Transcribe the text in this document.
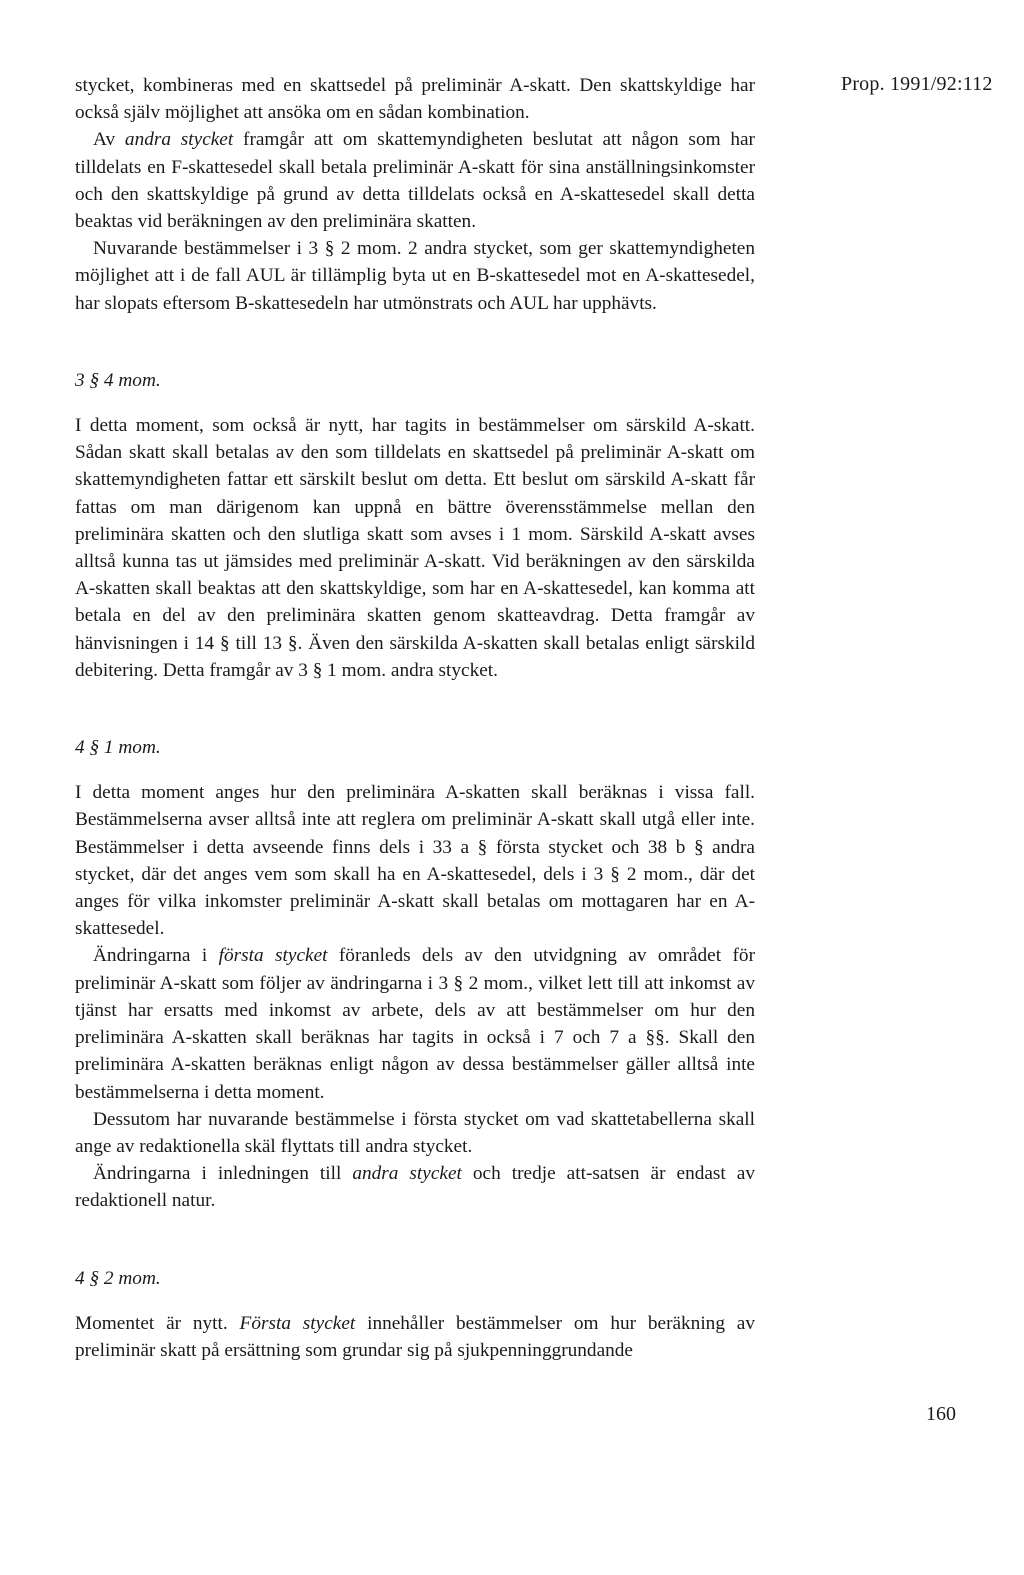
Prop. 1991/92:112

stycket, kombineras med en skattsedel på preliminär A-skatt. Den skattskyldige har också själv möjlighet att ansöka om en sådan kombination.

Av andra stycket framgår att om skattemyndigheten beslutat att någon som har tilldelats en F-skattesedel skall betala preliminär A-skatt för sina anställningsinkomster och den skattskyldige på grund av detta tilldelats också en A-skattesedel skall detta beaktas vid beräkningen av den preliminära skatten.

Nuvarande bestämmelser i 3 § 2 mom. 2 andra stycket, som ger skattemyndigheten möjlighet att i de fall AUL är tillämplig byta ut en B-skattesedel mot en A-skattesedel, har slopats eftersom B-skattesedeln har utmönstrats och AUL har upphävts.

3 § 4 mom.

I detta moment, som också är nytt, har tagits in bestämmelser om särskild A-skatt. Sådan skatt skall betalas av den som tilldelats en skattsedel på preliminär A-skatt om skattemyndigheten fattar ett särskilt beslut om detta. Ett beslut om särskild A-skatt får fattas om man därigenom kan uppnå en bättre överensstämmelse mellan den preliminära skatten och den slutliga skatt som avses i 1 mom. Särskild A-skatt avses alltså kunna tas ut jämsides med preliminär A-skatt. Vid beräkningen av den särskilda A-skatten skall beaktas att den skattskyldige, som har en A-skattesedel, kan komma att betala en del av den preliminära skatten genom skatteavdrag. Detta framgår av hänvisningen i 14 § till 13 §. Även den särskilda A-skatten skall betalas enligt särskild debitering. Detta framgår av 3 § 1 mom. andra stycket.

4 § 1 mom.

I detta moment anges hur den preliminära A-skatten skall beräknas i vissa fall. Bestämmelserna avser alltså inte att reglera om preliminär A-skatt skall utgå eller inte. Bestämmelser i detta avseende finns dels i 33 a § första stycket och 38 b § andra stycket, där det anges vem som skall ha en A-skattesedel, dels i 3 § 2 mom., där det anges för vilka inkomster preliminär A-skatt skall betalas om mottagaren har en A-skattesedel.

Ändringarna i första stycket föranleds dels av den utvidgning av området för preliminär A-skatt som följer av ändringarna i 3 § 2 mom., vilket lett till att inkomst av tjänst har ersatts med inkomst av arbete, dels av att bestämmelser om hur den preliminära A-skatten skall beräknas har tagits in också i 7 och 7 a §§. Skall den preliminära A-skatten beräknas enligt någon av dessa bestämmelser gäller alltså inte bestämmelserna i detta moment.

Dessutom har nuvarande bestämmelse i första stycket om vad skattetabellerna skall ange av redaktionella skäl flyttats till andra stycket.

Ändringarna i inledningen till andra stycket och tredje att-satsen är endast av redaktionell natur.

4 § 2 mom.

Momentet är nytt. Första stycket innehåller bestämmelser om hur beräkning av preliminär skatt på ersättning som grundar sig på sjukpenninggrundande

160
